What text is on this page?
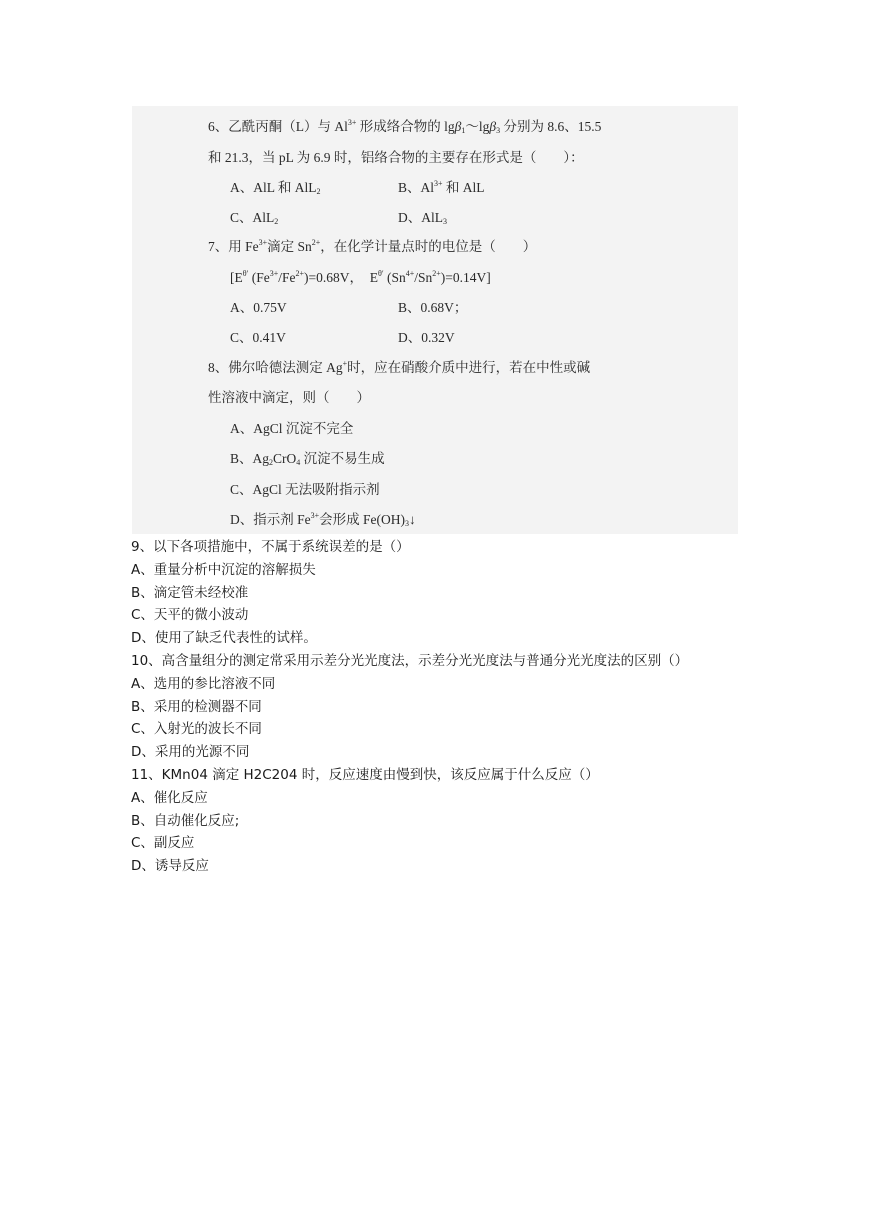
6、乙酰丙酮（L）与 $Al^{3+}$ 形成络合物的 lgβ$_1$～lgβ$_3$ 分别为 8.6、15.5
和 21.3，当 pL 为 6.9 时，铝络合物的主要存在形式是（　　）：
A、AlL 和 AlL$_2$	B、$Al^{3+}$ 和 AlL
C、AlL$_2$	D、AlL$_3$
7、用 $Fe^{3+}$滴定 $Sn^{2+}$，在化学计量点时的电位是（　　）
[$E^{\theta'}$ $(Fe^{3+}/Fe^{2+})=0.68V$，　$E^{\theta'}$ $(Sn^{4+}/Sn^{2+})=0.14V$]
A、0.75V	B、0.68V；
C、0.41V	D、0.32V
8、佛尔哈德法测定 Ag+时，应在硝酸介质中进行，若在中性或碱
性溶液中滴定，则（　　）
A、AgCl 沉淀不完全
B、$Ag_2CrO_4$ 沉淀不易生成
C、AgCl 无法吸附指示剂
D、指示剂 $Fe^{3+}$会形成 $Fe(OH)_3↓$
9、以下各项措施中，不属于系统误差的是（）
A、重量分析中沉淀的溶解损失
B、滴定管未经校准
C、天平的微小波动
D、使用了缺乏代表性的试样。
10、高含量组分的测定常采用示差分光光度法，示差分光光度法与普通分光光度法的区别（）
A、选用的参比溶液不同
B、采用的检测器不同
C、入射光的波长不同
D、采用的光源不同
11、KMn04 滴定 H2C204 时，反应速度由慢到快，该反应属于什么反应（）
A、催化反应
B、自动催化反应;
C、副反应
D、诱导反应
